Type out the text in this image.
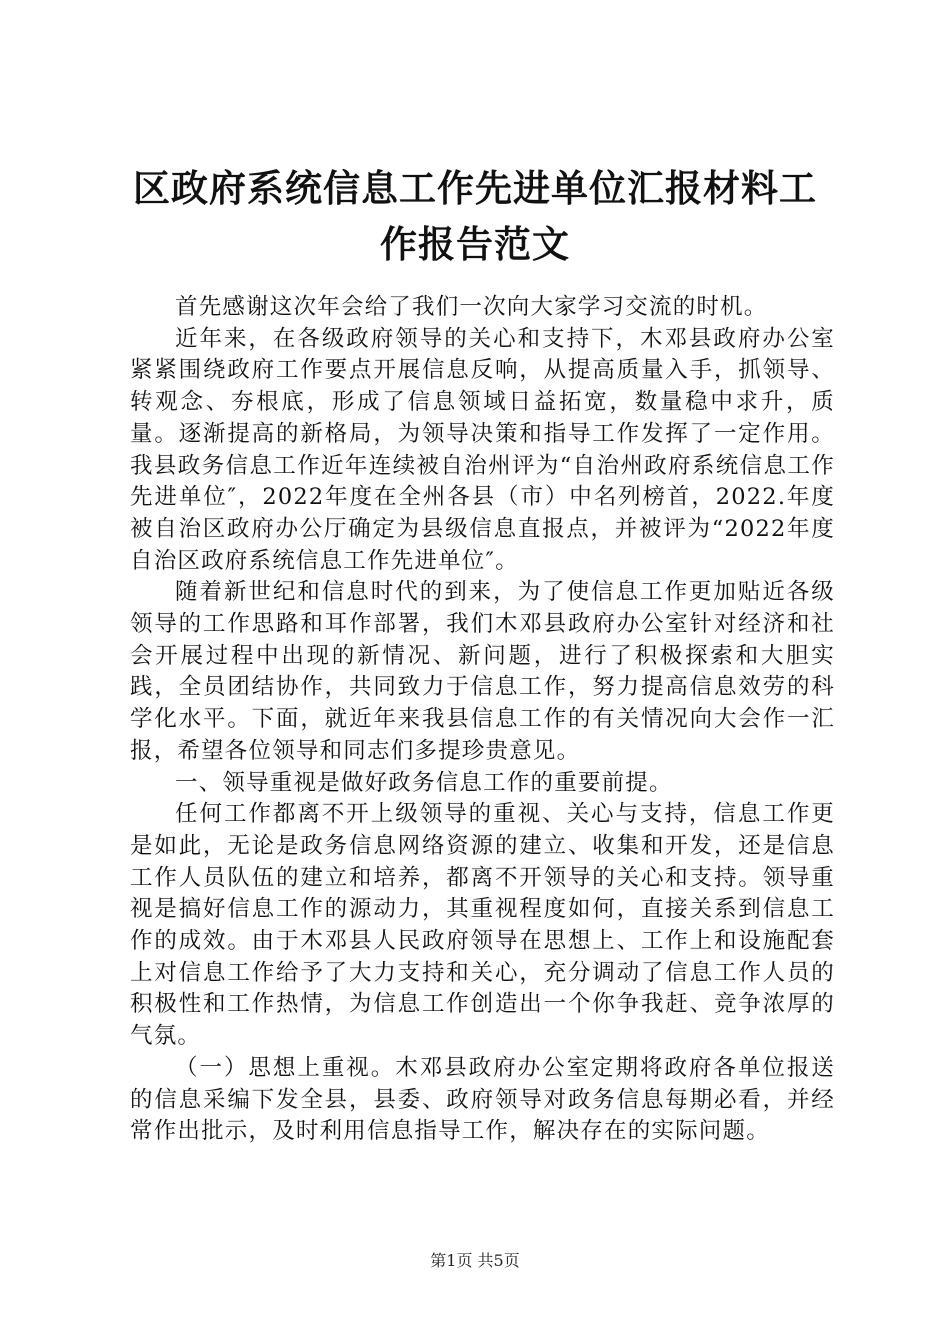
区政府系统信息工作先进单位汇报材料工作报告范文

首先感谢这次年会给了我们一次向大家学习交流的时机。

近年来，在各级政府领导的关心和支持下，木邓县政府办公室紧紧围绕政府工作要点开展信息反响，从提高质量入手，抓领导、转观念、夯根底，形成了信息领域日益拓宽，数量稳中求升，质量。逐渐提高的新格局，为领导决策和指导工作发挥了一定作用。我县政务信息工作近年连续被自治州评为“自治州政府系统信息工作先进单位″，2022年度在全州各县（市）中名列榜首，2022.年度被自治区政府办公厅确定为县级信息直报点，并被评为“2022年度自治区政府系统信息工作先进单位″。

随着新世纪和信息时代的到来，为了使信息工作更加贴近各级领导的工作思路和耳作部署，我们木邓县政府办公室针对经济和社会开展过程中出现的新情况、新问题，进行了积极探索和大胆实践，全员团结协作，共同致力于信息工作，努力提高信息效劳的科学化水平。下面，就近年来我县信息工作的有关情况向大会作一汇报，希望各位领导和同志们多提珍贵意见。

一、领导重视是做好政务信息工作的重要前提。

任何工作都离不开上级领导的重视、关心与支持，信息工作更是如此，无论是政务信息网络资源的建立、收集和开发，还是信息工作人员队伍的建立和培养，都离不开领导的关心和支持。领导重视是搞好信息工作的源动力，其重视程度如何，直接关系到信息工作的成效。由于木邓县人民政府领导在思想上、工作上和设施配套上对信息工作给予了大力支持和关心，充分调动了信息工作人员的积极性和工作热情，为信息工作创造出一个你争我赶、竞争浓厚的气氛。

（一）思想上重视。木邓县政府办公室定期将政府各单位报送的信息采编下发全县，县委、政府领导对政务信息每期必看，并经常作出批示，及时利用信息指导工作，解决存在的实际问题。

第1页 共5页
